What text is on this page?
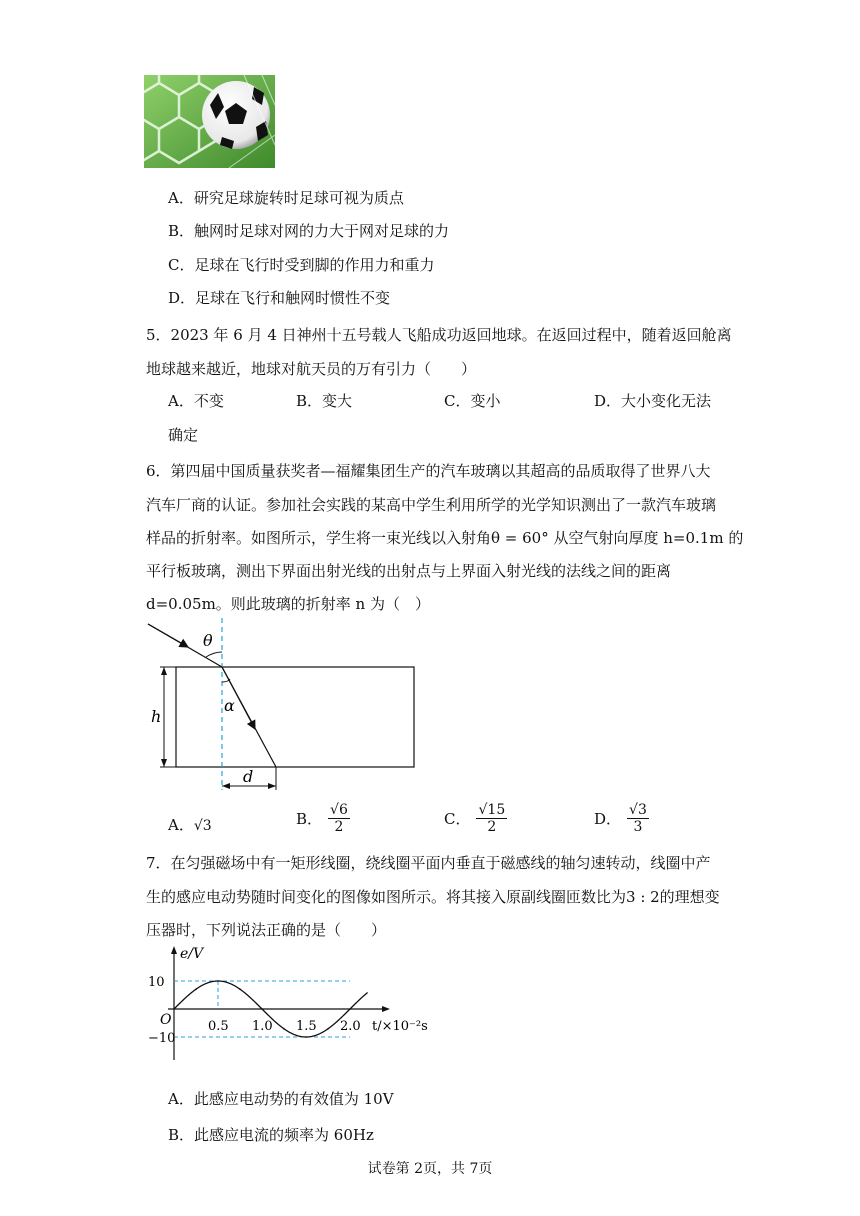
A．研究足球旋转时足球可视为质点
B．触网时足球对网的力大于网对足球的力
C．足球在飞行时受到脚的作用力和重力
D．足球在飞行和触网时惯性不变
5．2023 年 6 月 4 日神州十五号载人飞船成功返回地球。在返回过程中，随着返回舱离
地球越来越近，地球对航天员的万有引力（　　）
A．不变	B．变大	C．变小	D．大小变化无法
确定
6．第四届中国质量获奖者—福耀集团生产的汽车玻璃以其超高的品质取得了世界八大
汽车厂商的认证。参加社会实践的某高中学生利用所学的光学知识测出了一款汽车玻璃
样品的折射率。如图所示，学生将一束光线以入射角θ = 60° 从空气射向厚度 h=0.1m 的
平行板玻璃，测出下界面出射光线的出射点与上界面入射光线的法线之间的距离
d=0.05m。则此玻璃的折射率 n 为（　）
θ
α
h
d
A．√3	B． $\frac{√6}{2}$	C． $\frac{√15}{2}$	D． $\frac{√3}{3}$
7．在匀强磁场中有一矩形线圈，绕线圈平面内垂直于磁感线的轴匀速转动，线圈中产
生的感应电动势随时间变化的图像如图所示。将其接入原副线圈匝数比为3 : 2的理想变
压器时，下列说法正确的是（　　）
e/V
t/×10⁻²s
O
10
−10
0.5 1.0 1.5 2.0
A．此感应电动势的有效值为 10V
B．此感应电流的频率为 60Hz
试卷第 2页，共 7页
